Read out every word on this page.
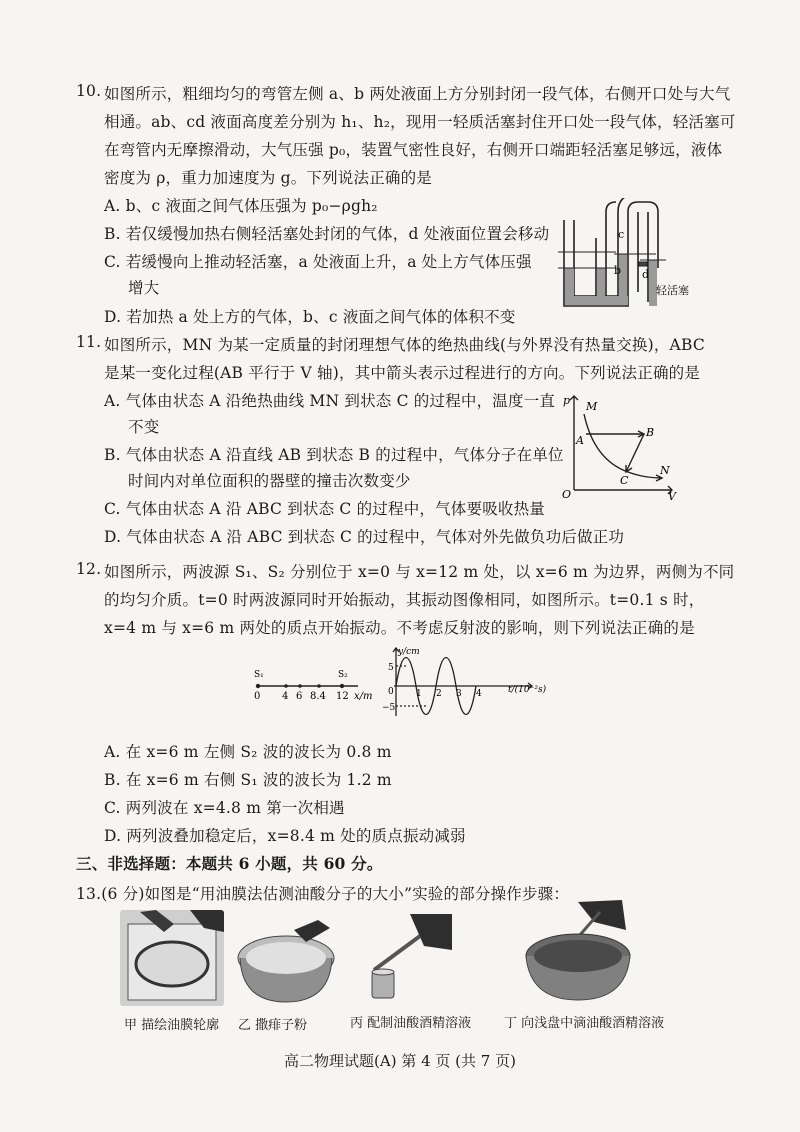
10. 如图所示，粗细均匀的弯管左侧 a、b 两处液面上方分别封闭一段气体，右侧开口处与大气
相通。ab、cd 液面高度差分别为 h₁、h₂，现用一轻质活塞封住开口处一段气体，轻活塞可
在弯管内无摩擦滑动，大气压强 p₀，装置气密性良好，右侧开口端距轻活塞足够远，液体
密度为 ρ，重力加速度为 g。下列说法正确的是
A. b、c 液面之间气体压强为 p₀−ρgh₂
B. 若仅缓慢加热右侧轻活塞处封闭的气体，d 处液面位置会移动
C. 若缓慢向上推动轻活塞，a 处液面上升，a 处上方气体压强
增大
D. 若加热 a 处上方的气体，b、c 液面之间气体的体积不变
c
b d
轻活塞
11. 如图所示，MN 为某一定质量的封闭理想气体的绝热曲线(与外界没有热量交换)，ABC
是某一变化过程(AB 平行于 V 轴)，其中箭头表示过程进行的方向。下列说法正确的是
A. 气体由状态 A 沿绝热曲线 MN 到状态 C 的过程中，温度一直
不变
B. 气体由状态 A 沿直线 AB 到状态 B 的过程中，气体分子在单位
时间内对单位面积的器壁的撞击次数变少
C. 气体由状态 A 沿 ABC 到状态 C 的过程中，气体要吸收热量
D. 气体由状态 A 沿 ABC 到状态 C 的过程中，气体对外先做负功后做正功
p
V
O
M
N
A
B
C
12. 如图所示，两波源 S₁、S₂ 分别位于 x=0 与 x=12 m 处，以 x=6 m 为边界，两侧为不同
的均匀介质。t=0 时两波源同时开始振动，其振动图像相同，如图所示。t=0.1 s 时，
x=4 m 与 x=6 m 两处的质点开始振动。不考虑反射波的影响，则下列说法正确的是
S₁	S₂
0 4 6 8.4 12 x/m
y/cm
t/(10⁻²s)
5
−5
0 1 2 3 4
A. 在 x=6 m 左侧 S₂ 波的波长为 0.8 m
B. 在 x=6 m 右侧 S₁ 波的波长为 1.2 m
C. 两列波在 x=4.8 m 第一次相遇
D. 两列波叠加稳定后，x=8.4 m 处的质点振动减弱
三、非选择题：本题共 6 小题，共 60 分。
13.(6 分)如图是“用油膜法估测油酸分子的大小”实验的部分操作步骤：
甲 描绘油膜轮廓 乙 撒痱子粉	丙 配制油酸酒精溶液	丁 向浅盘中滴油酸酒精溶液
高二物理试题(A) 第 4 页 (共 7 页)
